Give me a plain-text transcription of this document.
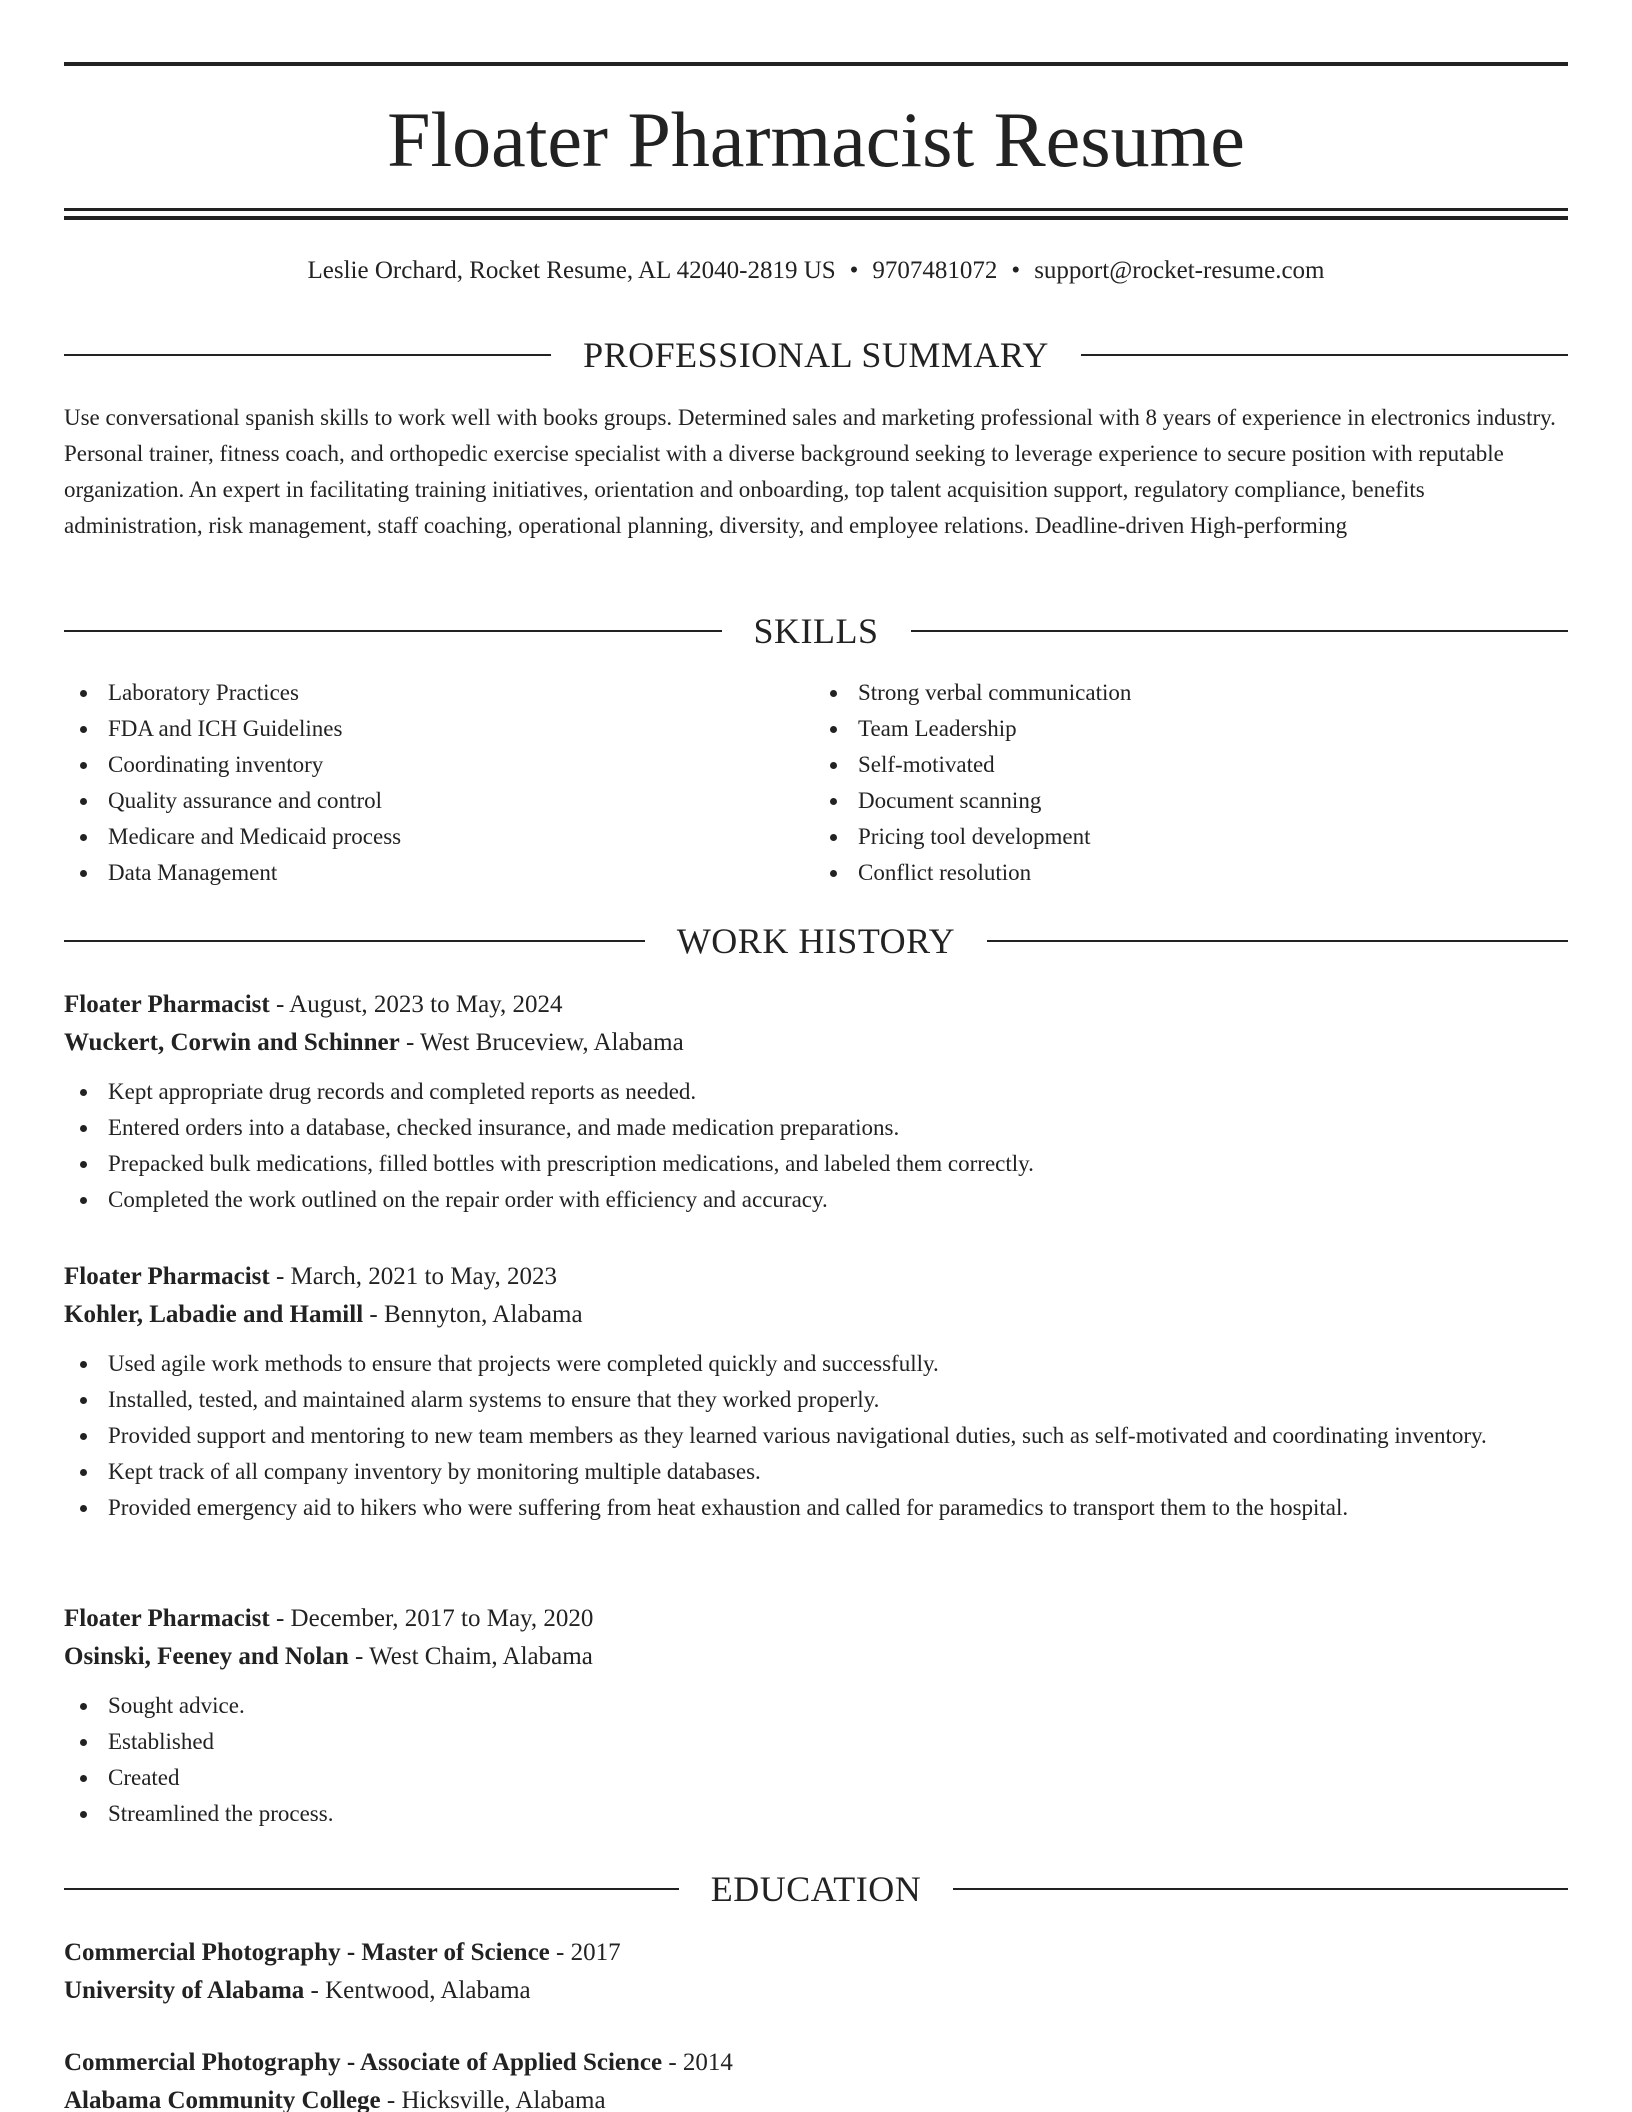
Floater Pharmacist Resume
Leslie Orchard, Rocket Resume, AL 42040-2819 US • 9707481072 • support@rocket-resume.com
PROFESSIONAL SUMMARY

Use conversational spanish skills to work well with books groups. Determined sales and marketing professional with 8 years of experience in electronics industry. Personal trainer, fitness coach, and orthopedic exercise specialist with a diverse background seeking to leverage experience to secure position with reputable organization. An expert in facilitating training initiatives, orientation and onboarding, top talent acquisition support, regulatory compliance, benefits administration, risk management, staff coaching, operational planning, diversity, and employee relations. Deadline-driven High-performing

SKILLS
Laboratory Practices
FDA and ICH Guidelines
Coordinating inventory
Quality assurance and control
Medicare and Medicaid process
Data Management
Strong verbal communication
Team Leadership
Self-motivated
Document scanning
Pricing tool development
Conflict resolution
WORK HISTORY
Floater Pharmacist - August, 2023 to May, 2024
Wuckert, Corwin and Schinner - West Bruceview, Alabama
Kept appropriate drug records and completed reports as needed.
Entered orders into a database, checked insurance, and made medication preparations.
Prepacked bulk medications, filled bottles with prescription medications, and labeled them correctly.
Completed the work outlined on the repair order with efficiency and accuracy.
Floater Pharmacist - March, 2021 to May, 2023
Kohler, Labadie and Hamill - Bennyton, Alabama
Used agile work methods to ensure that projects were completed quickly and successfully.
Installed, tested, and maintained alarm systems to ensure that they worked properly.
Provided support and mentoring to new team members as they learned various navigational duties, such as self-motivated and coordinating inventory.
Kept track of all company inventory by monitoring multiple databases.
Provided emergency aid to hikers who were suffering from heat exhaustion and called for paramedics to transport them to the hospital.
Floater Pharmacist - December, 2017 to May, 2020
Osinski, Feeney and Nolan - West Chaim, Alabama
Sought advice.
Established
Created
Streamlined the process.
EDUCATION
Commercial Photography - Master of Science - 2017
University of Alabama - Kentwood, Alabama
Commercial Photography - Associate of Applied Science - 2014
Alabama Community College - Hicksville, Alabama
